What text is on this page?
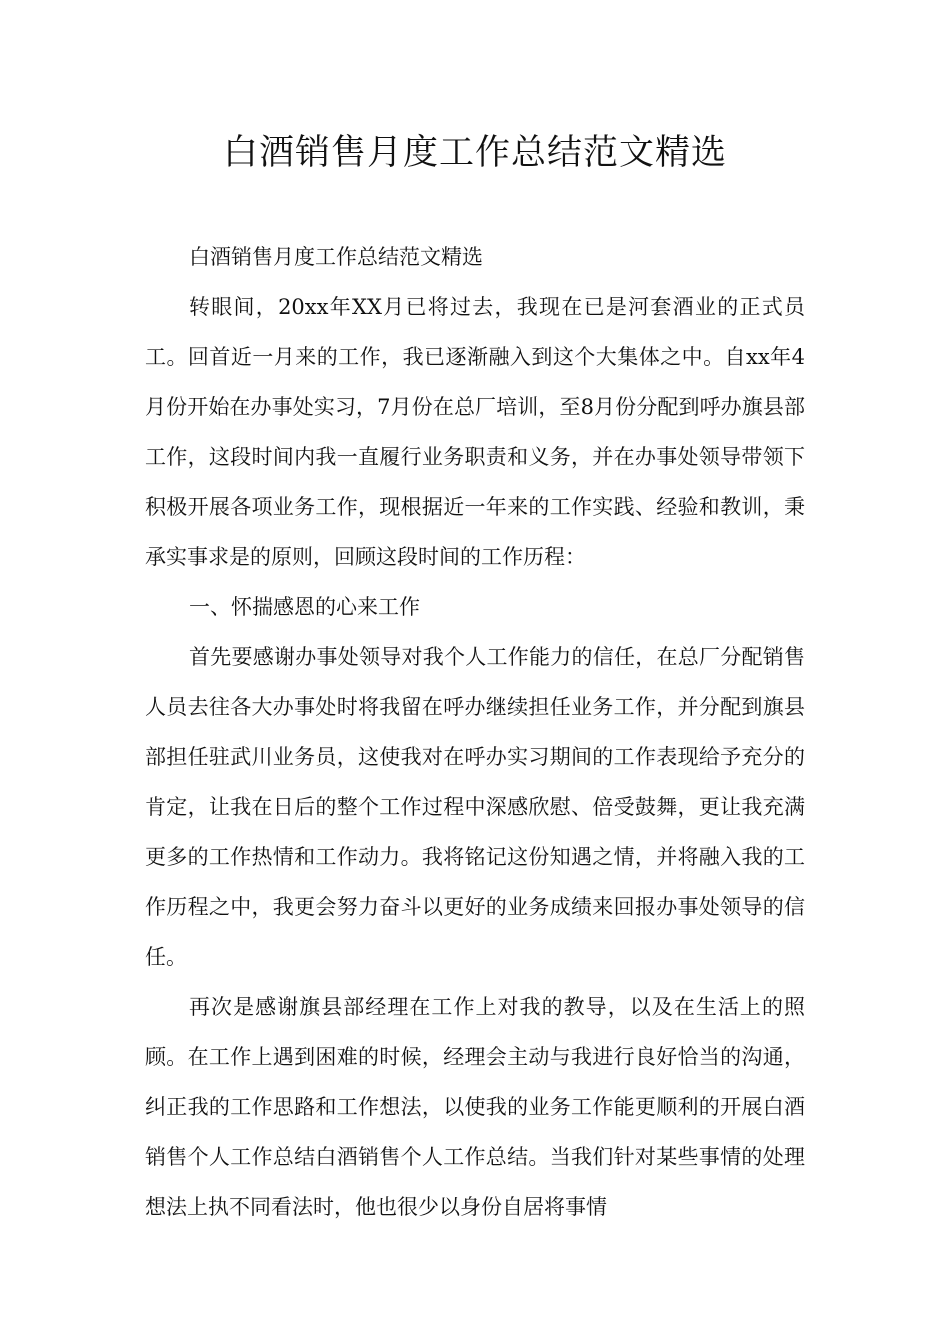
白酒销售月度工作总结范文精选

白酒销售月度工作总结范文精选

转眼间，20xx年XX月已将过去，我现在已是河套酒业的正式员工。回首近一月来的工作，我已逐渐融入到这个大集体之中。自xx年4月份开始在办事处实习，7月份在总厂培训，至8月份分配到呼办旗县部工作，这段时间内我一直履行业务职责和义务，并在办事处领导带领下积极开展各项业务工作，现根据近一年来的工作实践、经验和教训，秉承实事求是的原则，回顾这段时间的工作历程：

一、怀揣感恩的心来工作

首先要感谢办事处领导对我个人工作能力的信任，在总厂分配销售人员去往各大办事处时将我留在呼办继续担任业务工作，并分配到旗县部担任驻武川业务员，这使我对在呼办实习期间的工作表现给予充分的肯定，让我在日后的整个工作过程中深感欣慰、倍受鼓舞，更让我充满更多的工作热情和工作动力。我将铭记这份知遇之情，并将融入我的工作历程之中，我更会努力奋斗以更好的业务成绩来回报办事处领导的信任。

再次是感谢旗县部经理在工作上对我的教导，以及在生活上的照顾。在工作上遇到困难的时候，经理会主动与我进行良好恰当的沟通，纠正我的工作思路和工作想法，以使我的业务工作能更顺利的开展白酒销售个人工作总结白酒销售个人工作总结。当我们针对某些事情的处理想法上执不同看法时，他也很少以身份自居将事情
